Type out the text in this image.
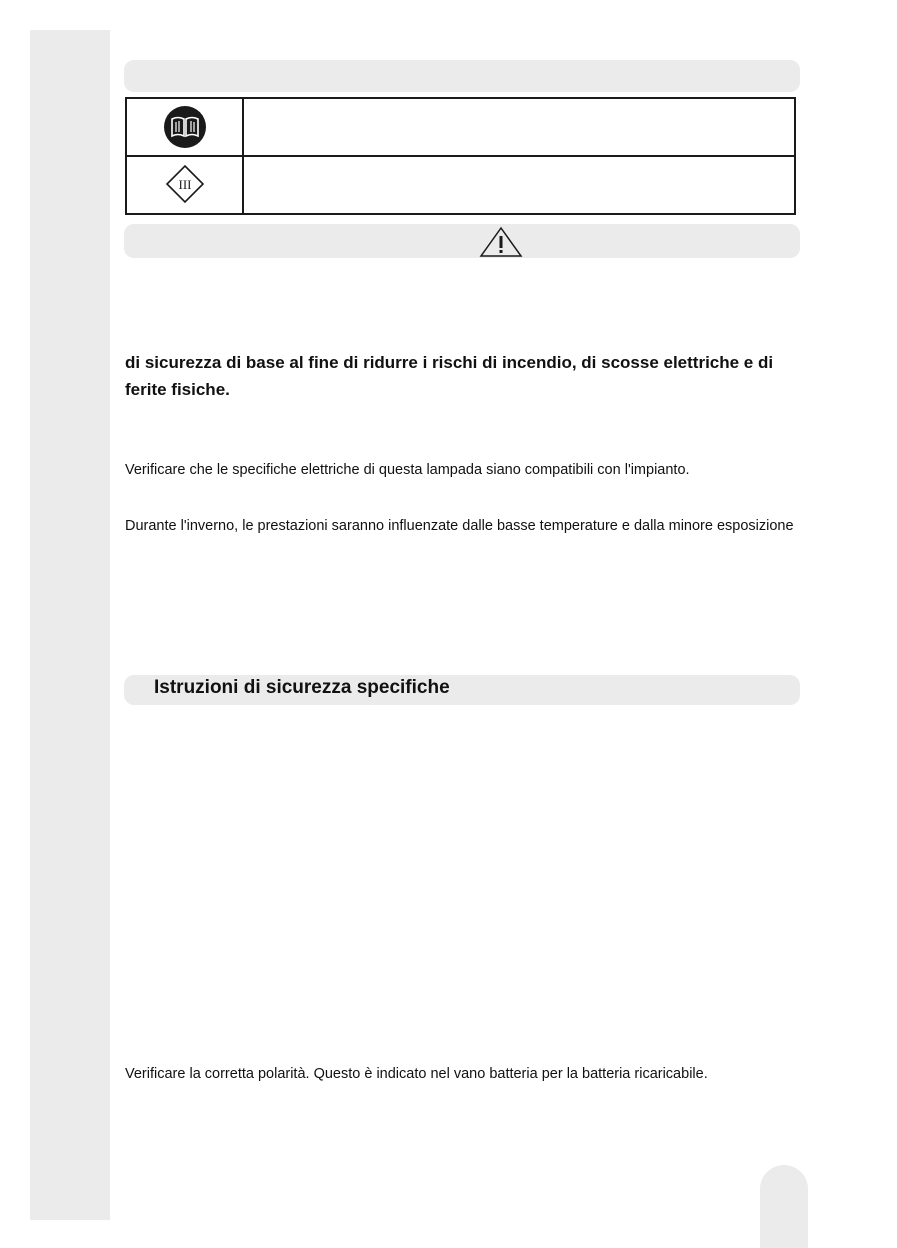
III
di sicurezza di base al fine di ridurre i rischi di incendio, di scosse elettriche e di
ferite fisiche.
Verificare che le specifiche elettriche di questa lampada siano compatibili con l'impianto.
Durante l'inverno, le prestazioni saranno influenzate dalle basse temperature e dalla minore esposizione
Istruzioni di sicurezza specifiche
Verificare la corretta polarità. Questo è indicato nel vano batteria per la batteria ricaricabile.
